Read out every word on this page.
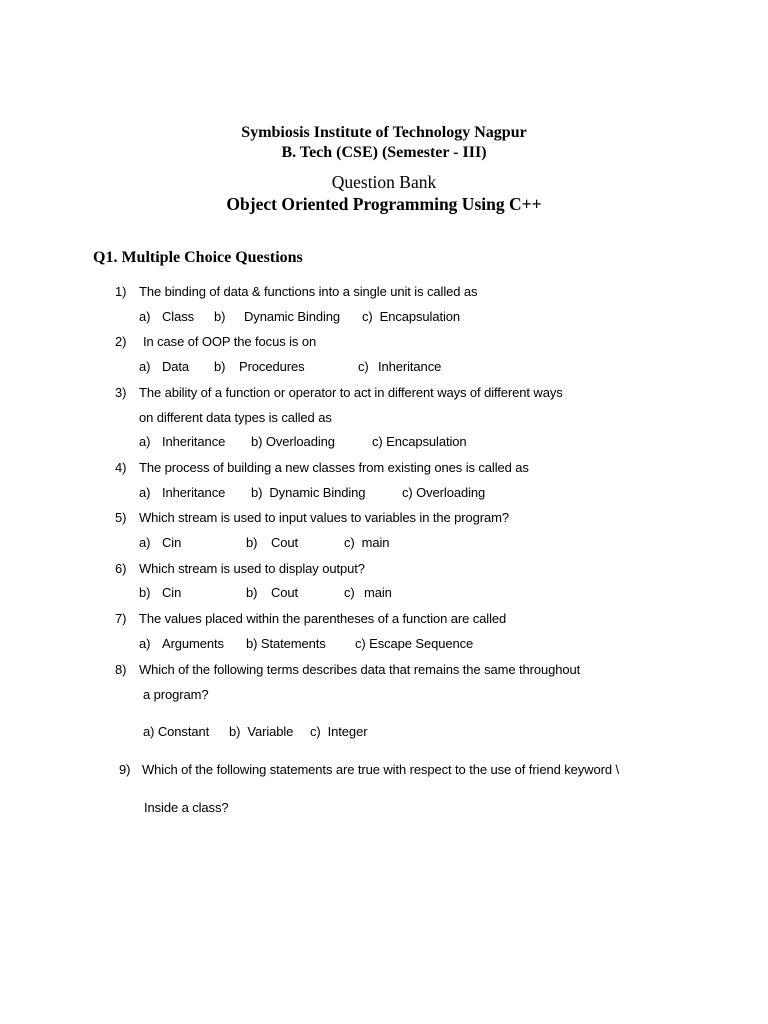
Symbiosis Institute of Technology Nagpur
B. Tech (CSE) (Semester - III)
Question Bank
Object Oriented Programming Using C++
Q1. Multiple Choice Questions
1) The binding of data & functions into a single unit is called as
a) Class b) Dynamic Binding c)  Encapsulation
2) In case of OOP the focus is on
a) Data b) Procedures	c) Inheritance
3) The ability of a function or operator to act in different ways of different ways
on different data types is called as
a) Inheritance b) Overloading	c) Encapsulation
4) The process of building a new classes from existing ones is called as
a) Inheritance b)  Dynamic Binding	c) Overloading
5) Which stream is used to input values to variables in the program?
a) Cin	b) Cout	c)  main
6) Which stream is used to display output?
b) Cin	b) Cout	c) main
7) The values placed within the parentheses of a function are called
a) Arguments b) Statements c) Escape Sequence
8) Which of the following terms describes data that remains the same throughout
a program?
a) Constant b)  Variable c)  Integer
9) Which of the following statements are true with respect to the use of friend keyword \
Inside a class?
